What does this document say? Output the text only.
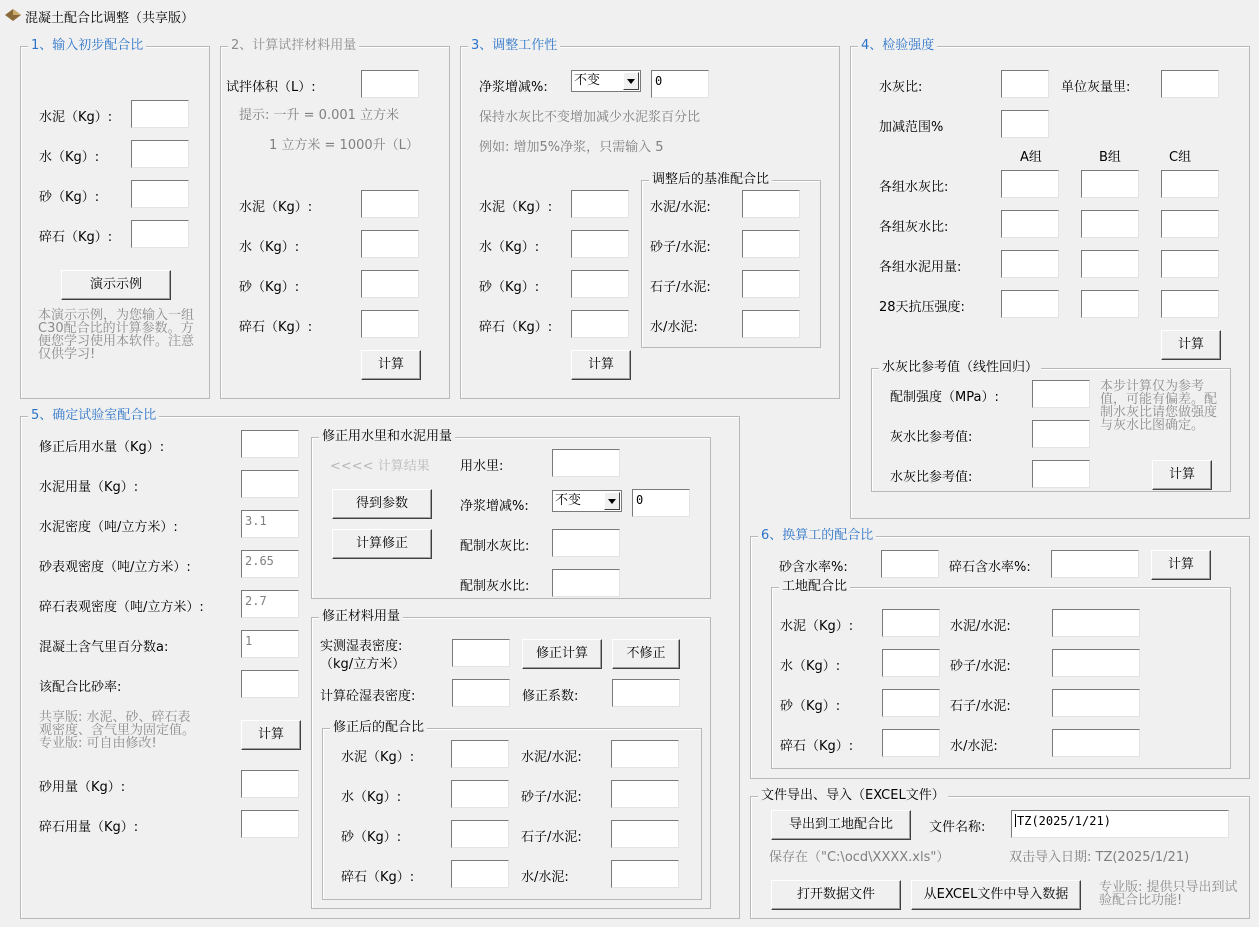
混凝土配合比调整（共享版）
1、输入初步配合比
水泥（Kg）:
水（Kg）:
砂（Kg）:
碎石（Kg）:
演示示例
本演示示例，为您输入一组C30配合比的计算参数。方便您学习使用本软件。注意仅供学习!
2、计算试拌材料用量
试拌体积（L）:
提示: 一升 = 0.001 立方米
1 立方米 = 1000升（L）
水泥（Kg）:
水（Kg）:
砂（Kg）:
碎石（Kg）:
计算
3、调整工作性
净浆增减%: 不变	0
保持水灰比不变增加减少水泥浆百分比
例如: 增加5%净浆，只需输入 5
水泥（Kg）:
水（Kg）:
砂（Kg）:
碎石（Kg）:
计算
调整后的基准配合比
水泥/水泥:
砂子/水泥:
石子/水泥:
水/水泥:
4、检验强度
水灰比:	单位灰量里:
加减范围%
A组	B组	C组
各组水灰比:
各组灰水比:
各组水泥用量:
28天抗压强度:
计算
水灰比参考值（线性回归）
配制强度（MPa）:
灰水比参考值:
水灰比参考值:
本步计算仅为参考值，可能有偏差。配制水灰比请您做强度与灰水比图确定。
计算
5、确定试验室配合比
修正后用水量（Kg）:
水泥用量（Kg）:
水泥密度（吨/立方米）:	3.1
砂表观密度（吨/立方米）:	2.65
碎石表观密度（吨/立方米）:	2.7
混凝土含气里百分数a:	1
该配合比砂率:
共享版: 水泥、砂、碎石表观密度、含气里为固定值。专业版: 可自由修改!
计算
砂用量（Kg）:
碎石用量（Kg）:
修正用水里和水泥用量
<<<< 计算结果 用水里:
得到参数	净浆增减%: 不变	0
计算修正	配制水灰比:
配制灰水比:
修正材料用量
实测湿表密度:
（kg/立方米）
修正计算	不修正
计算砼湿表密度:	修正系数:
修正后的配合比
水泥（Kg）:
水（Kg）:
砂（Kg）:
碎石（Kg）:
水泥/水泥:
砂子/水泥:
石子/水泥:
水/水泥:
6、换算工的配合比
砂含水率%:	碎石含水率%:	计算
工地配合比
水泥（Kg）:
水（Kg）:
砂（Kg）:
碎石（Kg）:
水泥/水泥:
砂子/水泥:
石子/水泥:
水/水泥:
文件导出、导入（EXCEL文件）
导出到工地配合比	文件名称:	TZ(2025/1/21)
保存在（"C:\ocd\XXXX.xls"）	双击导入日期: TZ(2025/1/21)
打开数据文件	从EXCEL文件中导入数据	专业版: 提供只导出到试验配合比功能!
